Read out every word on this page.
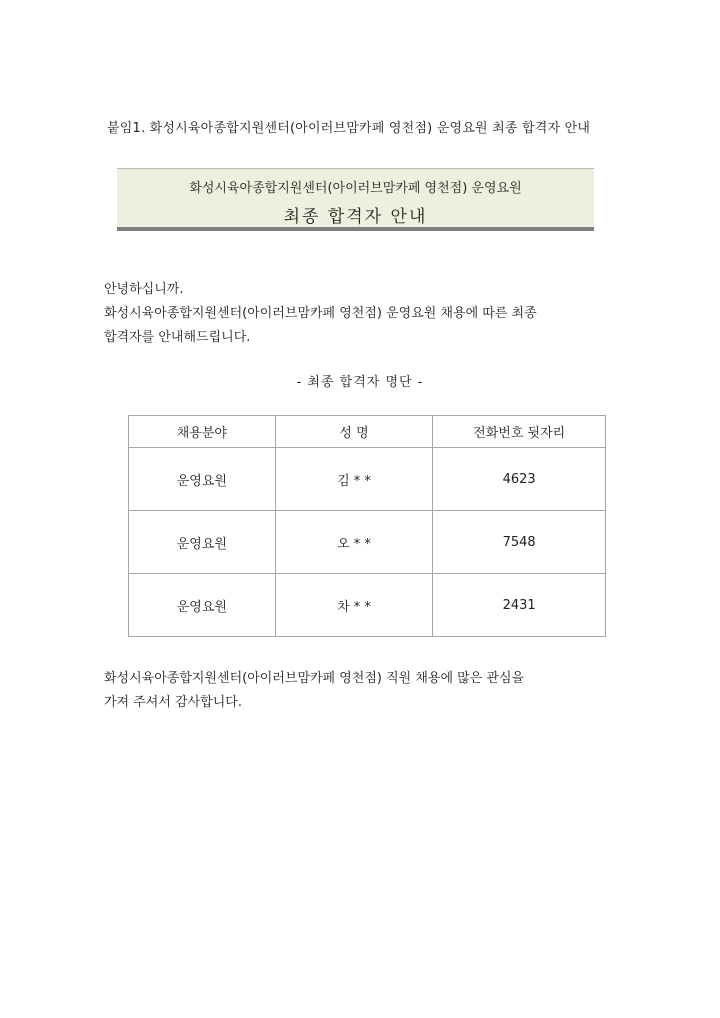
붙임1. 화성시육아종합지원센터(아이러브맘카페 영천점) 운영요원 최종 합격자 안내
화성시육아종합지원센터(아이러브맘카페 영천점) 운영요원
최종 합격자 안내

안녕하십니까.

화성시육아종합지원센터(아이러브맘카페 영천점) 운영요원 채용에 따른 최종

합격자를 안내해드립니다.

- 최종 합격자 명단 -
채용분야	성 명	전화번호 뒷자리
운영요원	김 * *	4623
운영요원	오 * *	7548
운영요원	차 * *	2431

화성시육아종합지원센터(아이러브맘카페 영천점) 직원 채용에 많은 관심을

가져 주셔서 감사합니다.
